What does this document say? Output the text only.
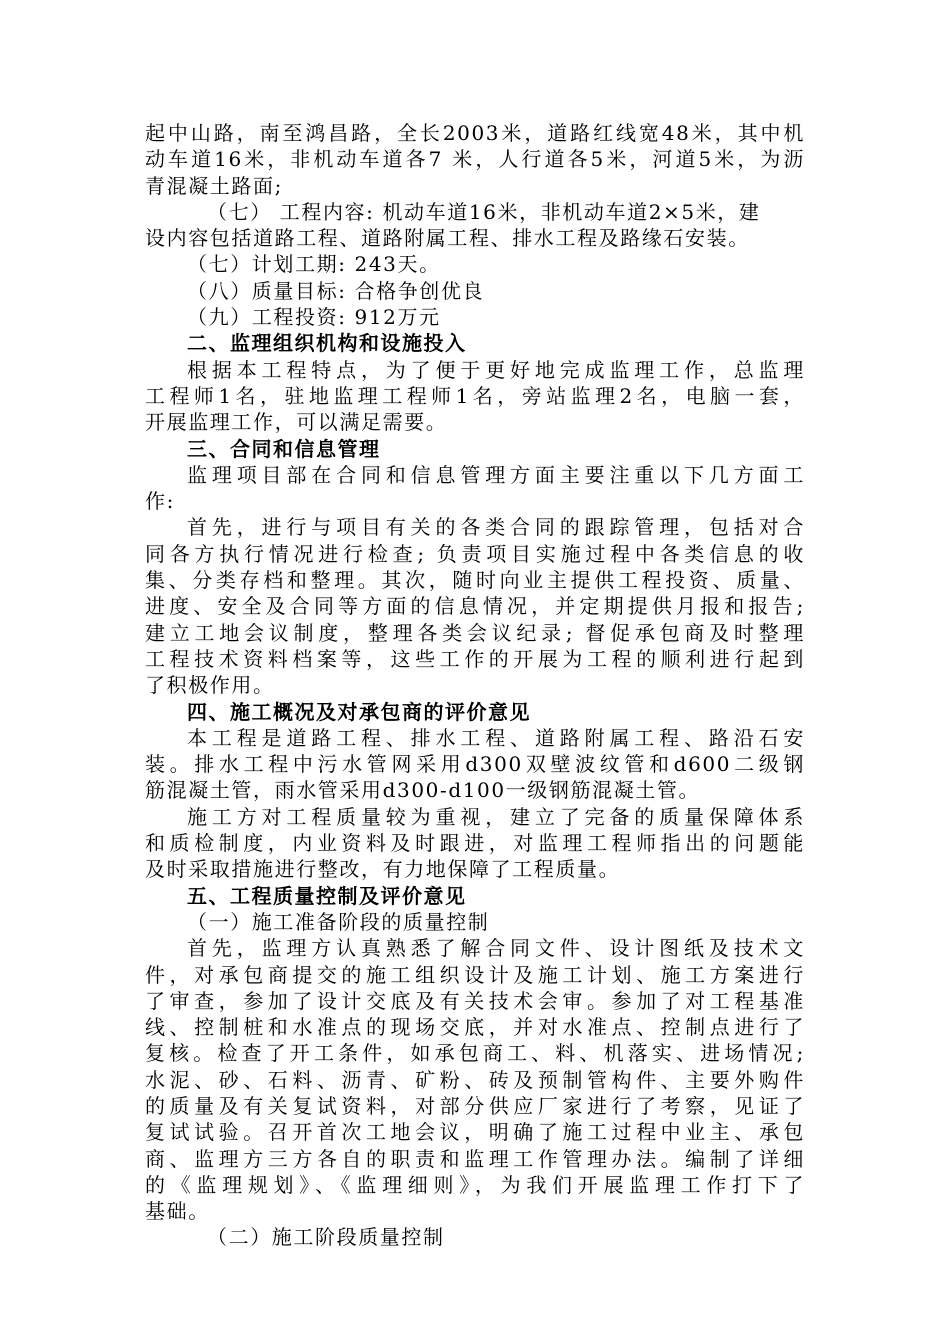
起中山路，南至鸿昌路，全长2003米，道路红线宽48米，其中机
动车道16米，非机动车道各7 米，人行道各5米，河道5米，为沥
青混凝土路面;
（七） 工程内容: 机动车道16米，非机动车道2×5米，建
设内容包括道路工程、道路附属工程、排水工程及路缘石安装。
（七）计划工期: 243天。
（八）质量目标: 合格争创优良
（九）工程投资: 912万元
二、监理组织机构和设施投入
根据本工程特点，为了便于更好地完成监理工作，总监理
工程师1名，驻地监理工程师1名，旁站监理2名，电脑一套，
开展监理工作，可以满足需要。
三、合同和信息管理
监理项目部在合同和信息管理方面主要注重以下几方面工
作:
首先，进行与项目有关的各类合同的跟踪管理，包括对合
同各方执行情况进行检查; 负责项目实施过程中各类信息的收
集、分类存档和整理。其次，随时向业主提供工程投资、质量、
进度、安全及合同等方面的信息情况，并定期提供月报和报告;
建立工地会议制度，整理各类会议纪录; 督促承包商及时整理
工程技术资料档案等，这些工作的开展为工程的顺利进行起到
了积极作用。
四、施工概况及对承包商的评价意见
本工程是道路工程、排水工程、道路附属工程、路沿石安
装。排水工程中污水管网采用d300双壁波纹管和d600二级钢
筋混凝土管，雨水管采用d300-d100一级钢筋混凝土管。
施工方对工程质量较为重视，建立了完备的质量保障体系
和质检制度，内业资料及时跟进，对监理工程师指出的问题能
及时采取措施进行整改，有力地保障了工程质量。
五、工程质量控制及评价意见
（一）施工准备阶段的质量控制
首先，监理方认真熟悉了解合同文件、设计图纸及技术文
件，对承包商提交的施工组织设计及施工计划、施工方案进行
了审查，参加了设计交底及有关技术会审。参加了对工程基准
线、控制桩和水准点的现场交底，并对水准点、控制点进行了
复核。检查了开工条件，如承包商工、料、机落实、进场情况;
水泥、砂、石料、沥青、矿粉、砖及预制管构件、主要外购件
的质量及有关复试资料，对部分供应厂家进行了考察，见证了
复试试验。召开首次工地会议，明确了施工过程中业主、承包
商、监理方三方各自的职责和监理工作管理办法。编制了详细
的《监理规划》、《监理细则》，为我们开展监理工作打下了
基础。
（二）施工阶段质量控制
